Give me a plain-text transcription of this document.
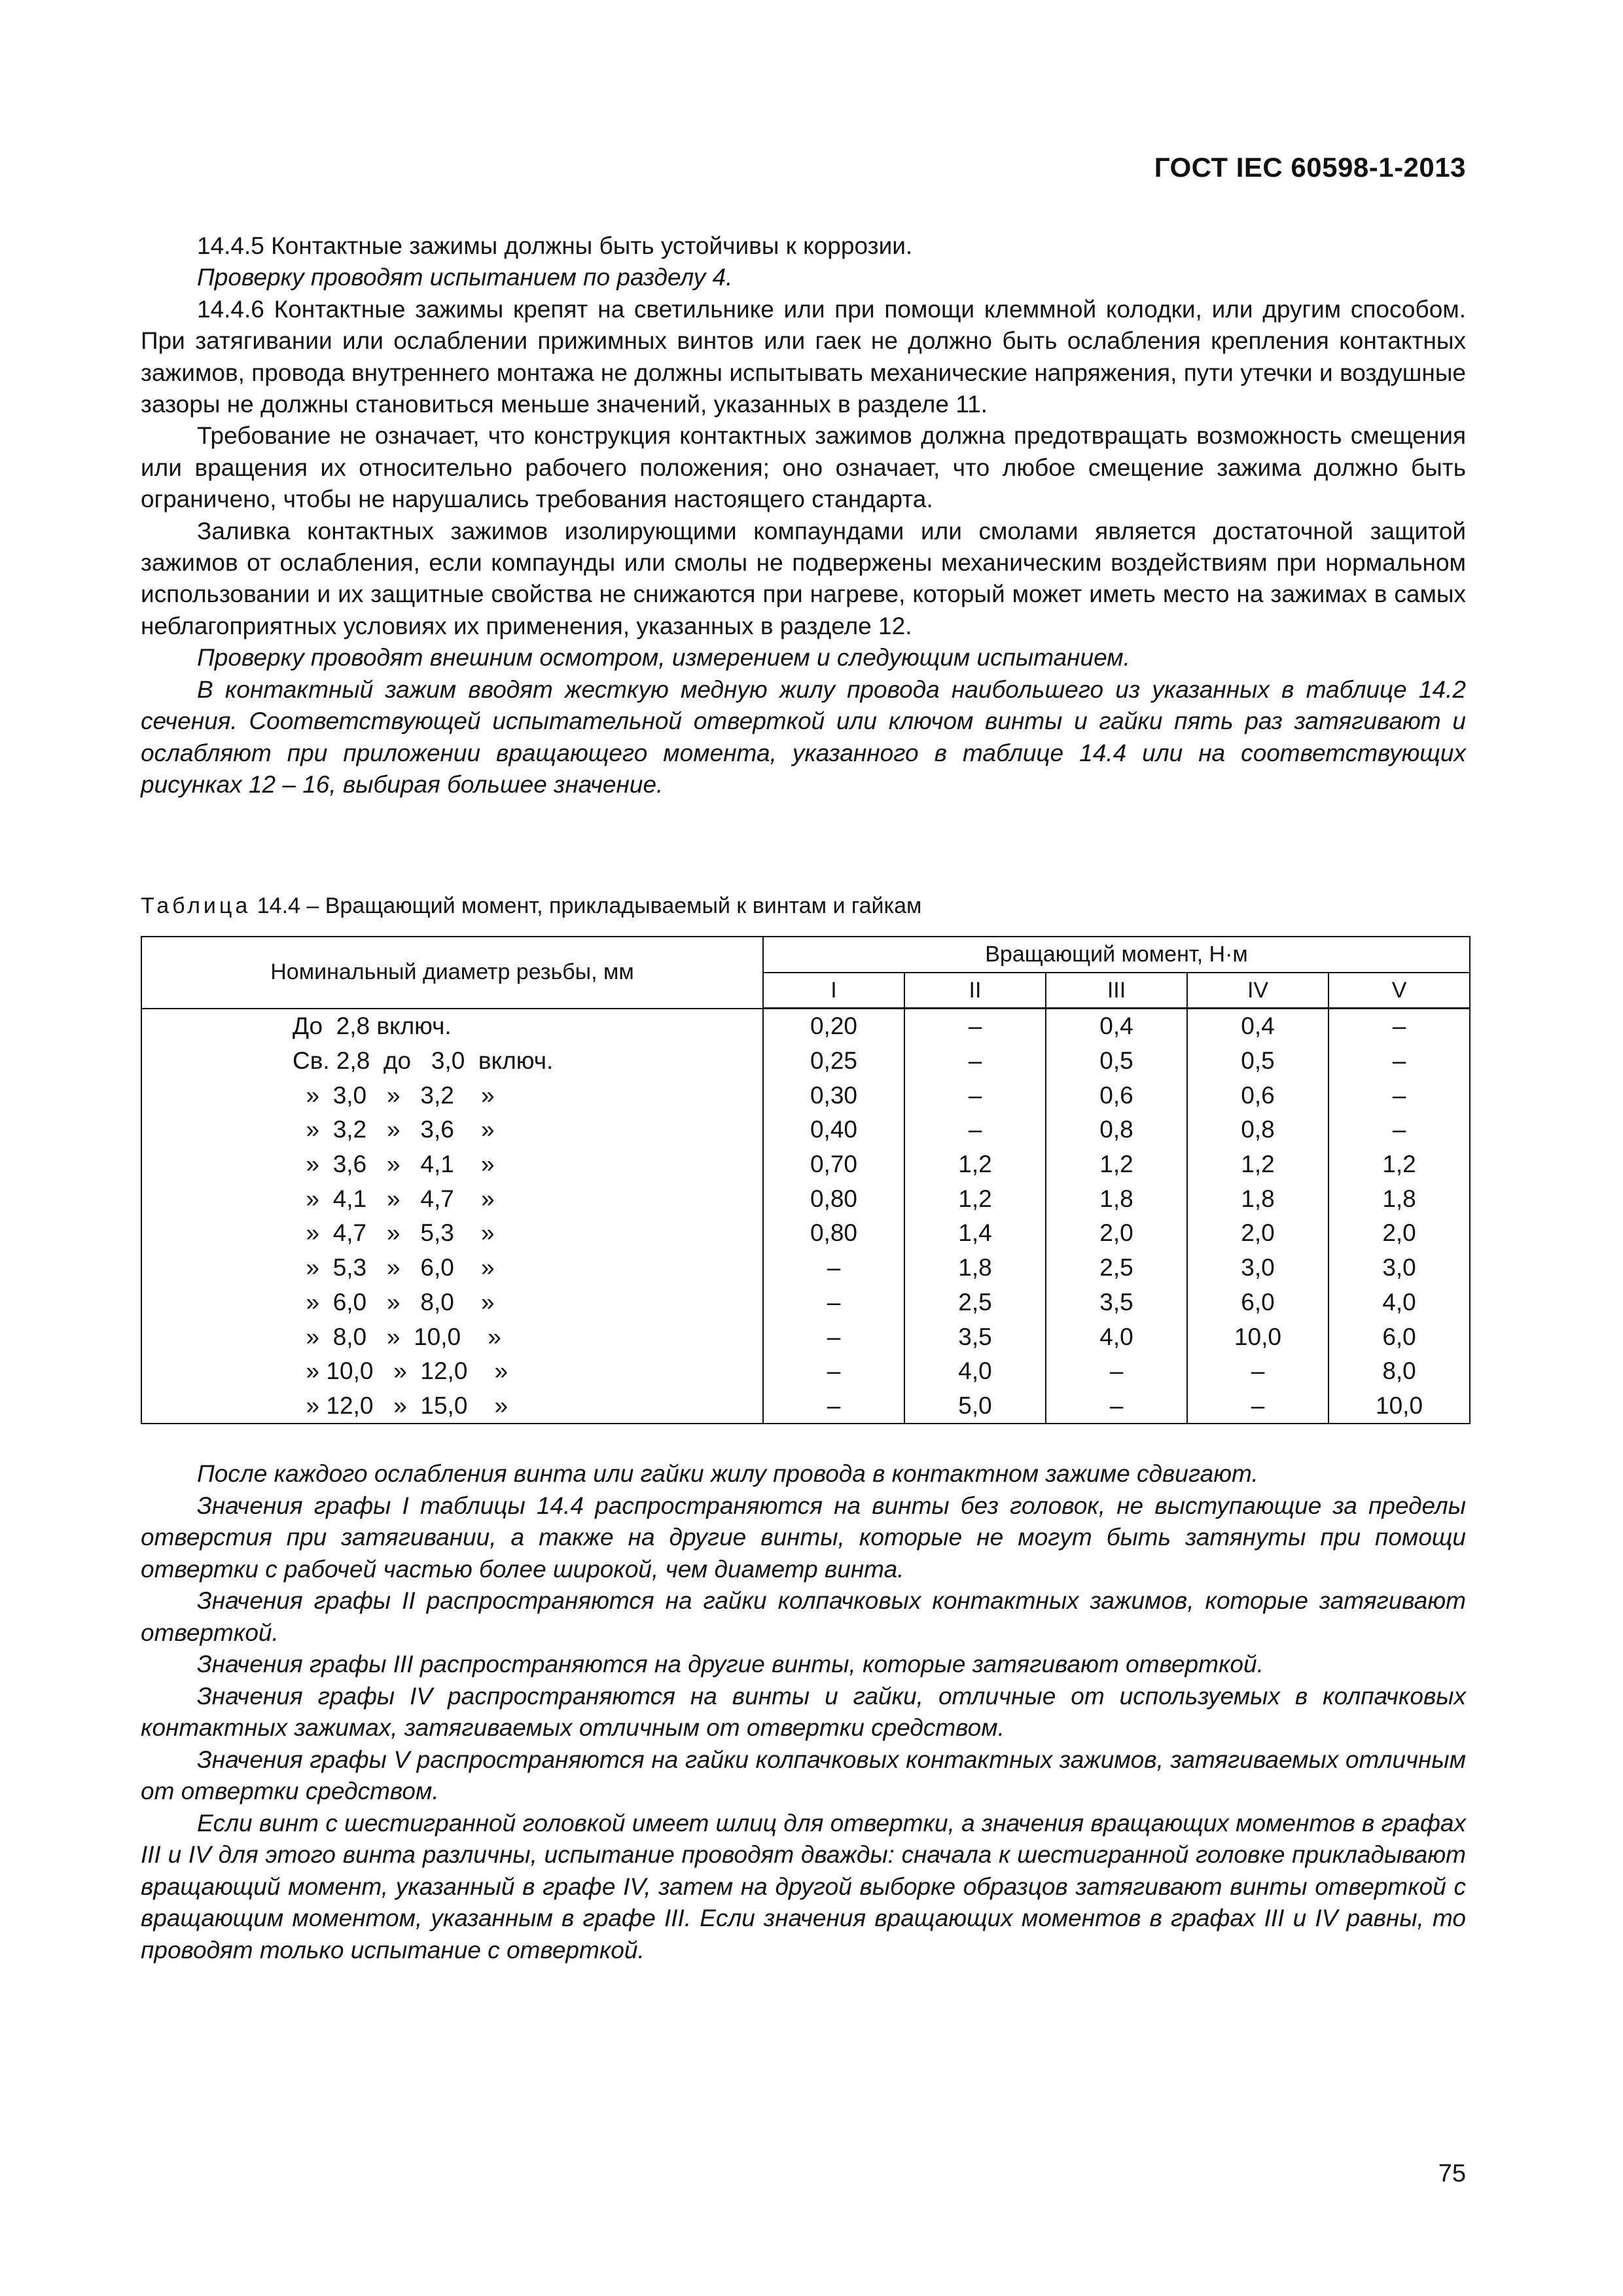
ГОСТ IEC 60598-1-2013

14.4.5 Контактные зажимы должны быть устойчивы к коррозии.

Проверку проводят испытанием по разделу 4.

14.4.6 Контактные зажимы крепят на светильнике или при помощи клеммной колодки, или другим способом. При затягивании или ослаблении прижимных винтов или гаек не должно быть ослабления крепления контактных зажимов, провода внутреннего монтажа не должны испытывать механические напряжения, пути утечки и воздушные зазоры не должны становиться меньше значений, указанных в разделе 11.

Требование не означает, что конструкция контактных зажимов должна предотвращать возможность смещения или вращения их относительно рабочего положения; оно означает, что любое смещение зажима должно быть ограничено, чтобы не нарушались требования настоящего стандарта.

Заливка контактных зажимов изолирующими компаундами или смолами является достаточной защитой зажимов от ослабления, если компаунды или смолы не подвержены механическим воздействиям при нормальном использовании и их защитные свойства не снижаются при нагреве, который может иметь место на зажимах в самых неблагоприятных условиях их применения, указанных в разделе 12.

Проверку проводят внешним осмотром, измерением и следующим испытанием.

В контактный зажим вводят жесткую медную жилу провода наибольшего из указанных в таблице 14.2 сечения. Соответствующей испытательной отверткой или ключом винты и гайки пять раз затягивают и ослабляют при приложении вращающего момента, указанного в таблице 14.4 или на соответствующих рисунках 12 – 16, выбирая большее значение.

Таблица 14.4 – Вращающий момент, прикладываемый к винтам и гайкам
Номинальный диаметр резьбы, мм	Вращающий момент, Н·м				
	I	II	III	IV	V
До  2,8 включ.	0,20	–	0,4	0,4	–
Св. 2,8  до   3,0  включ.	0,25	–	0,5	0,5	–
»  3,0   »   3,2    »	0,30	–	0,6	0,6	–
»  3,2   »   3,6    »	0,40	–	0,8	0,8	–
»  3,6   »   4,1    »	0,70	1,2	1,2	1,2	1,2
»  4,1   »   4,7    »	0,80	1,2	1,8	1,8	1,8
»  4,7   »   5,3    »	0,80	1,4	2,0	2,0	2,0
»  5,3   »   6,0    »	–	1,8	2,5	3,0	3,0
»  6,0   »   8,0    »	–	2,5	3,5	6,0	4,0
»  8,0   »  10,0    »	–	3,5	4,0	10,0	6,0
» 10,0   »  12,0    »	–	4,0	–	–	8,0
» 12,0   »  15,0    »	–	5,0	–	–	10,0

После каждого ослабления винта или гайки жилу провода в контактном зажиме сдвигают.

Значения графы I таблицы 14.4 распространяются на винты без головок, не выступающие за пределы отверстия при затягивании, а также на другие винты, которые не могут быть затянуты при помощи отвертки с рабочей частью более широкой, чем диаметр винта.

Значения графы II распространяются на гайки колпачковых контактных зажимов, которые затягивают отверткой.

Значения графы III распространяются на другие винты, которые затягивают отверткой.

Значения графы IV распространяются на винты и гайки, отличные от используемых в колпачковых контактных зажимах, затягиваемых отличным от отвертки средством.

Значения графы V распространяются на гайки колпачковых контактных зажимов, затягиваемых отличным от отвертки средством.

Если винт с шестигранной головкой имеет шлиц для отвертки, а значения вращающих моментов в графах III и IV для этого винта различны, испытание проводят дважды: сначала к шестигранной головке прикладывают вращающий момент, указанный в графе IV, затем на другой выборке образцов затягивают винты отверткой с вращающим моментом, указанным в графе III. Если значения вращающих моментов в графах III и IV равны, то проводят только испытание с отверткой.

75
